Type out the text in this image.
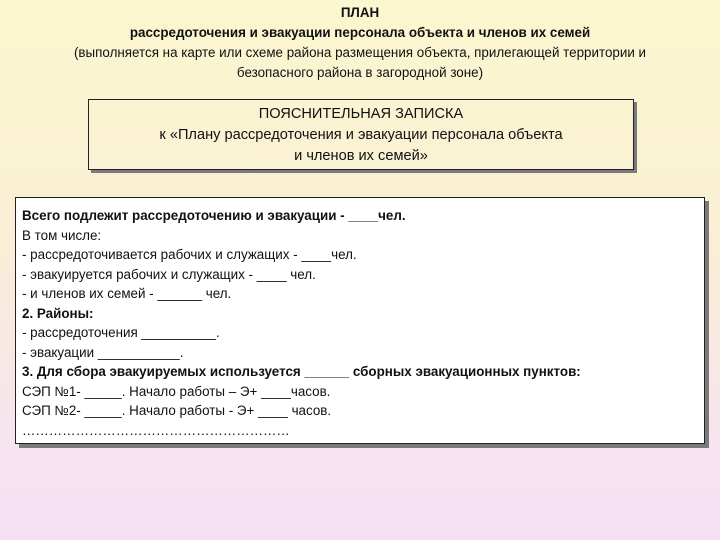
ПЛАН
рассредоточения и эвакуации персонала объекта и членов их семей
(выполняется на карте или схеме района размещения объекта, прилегающей территории и
безопасного района в загородной зоне)
ПОЯСНИТЕЛЬНАЯ ЗАПИСКА
к «Плану рассредоточения и эвакуации персонала объекта
и членов их семей»
Всего подлежит рассредоточению и эвакуации - ____чел.
В том числе:
- рассредоточивается рабочих и служащих - ____чел.
- эвакуируется рабочих и служащих - ____ чел.
- и членов их семей - ______ чел.
2. Районы:
- рассредоточения __________.
- эвакуации ___________.
3. Для сбора эвакуируемых используется ______ сборных эвакуационных пунктов:
СЭП №1- _____. Начало работы – Э+ ____часов.
СЭП №2- _____. Начало работы - Э+ ____ часов.
……………………………………………………
